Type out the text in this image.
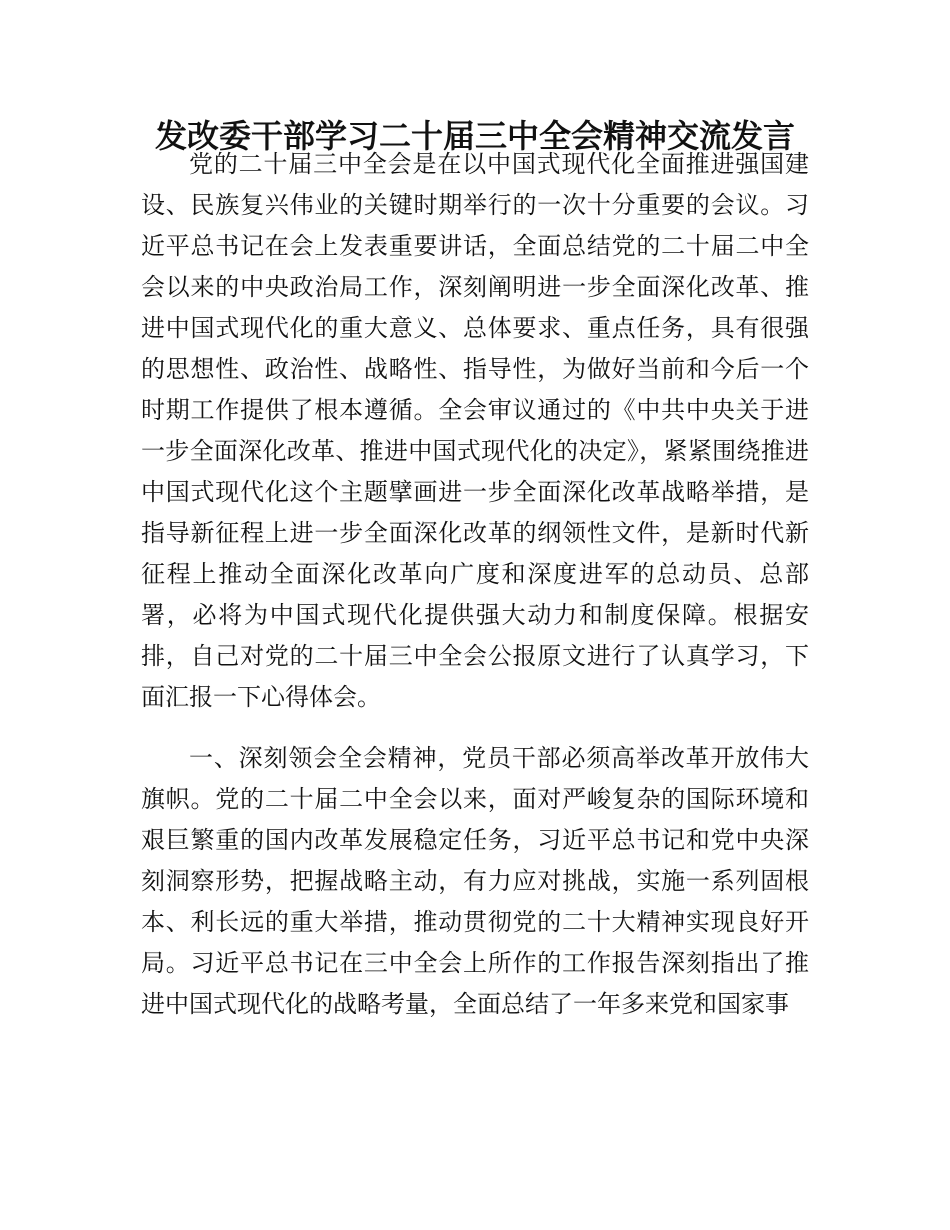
发改委干部学习二十届三中全会精神交流发言

党的二十届三中全会是在以中国式现代化全面推进强国建设、民族复兴伟业的关键时期举行的一次十分重要的会议。习近平总书记在会上发表重要讲话，全面总结党的二十届二中全会以来的中央政治局工作，深刻阐明进一步全面深化改革、推进中国式现代化的重大意义、总体要求、重点任务，具有很强的思想性、政治性、战略性、指导性，为做好当前和今后一个时期工作提供了根本遵循。全会审议通过的《中共中央关于进一步全面深化改革、推进中国式现代化的决定》，紧紧围绕推进中国式现代化这个主题擘画进一步全面深化改革战略举措，是指导新征程上进一步全面深化改革的纲领性文件，是新时代新征程上推动全面深化改革向广度和深度进军的总动员、总部署，必将为中国式现代化提供强大动力和制度保障。根据安排，自己对党的二十届三中全会公报原文进行了认真学习，下面汇报一下心得体会。

一、深刻领会全会精神，党员干部必须高举改革开放伟大旗帜。党的二十届二中全会以来，面对严峻复杂的国际环境和艰巨繁重的国内改革发展稳定任务，习近平总书记和党中央深刻洞察形势，把握战略主动，有力应对挑战，实施一系列固根本、利长远的重大举措，推动贯彻党的二十大精神实现良好开局。习近平总书记在三中全会上所作的工作报告深刻指出了推进中国式现代化的战略考量，全面总结了一年多来党和国家事
